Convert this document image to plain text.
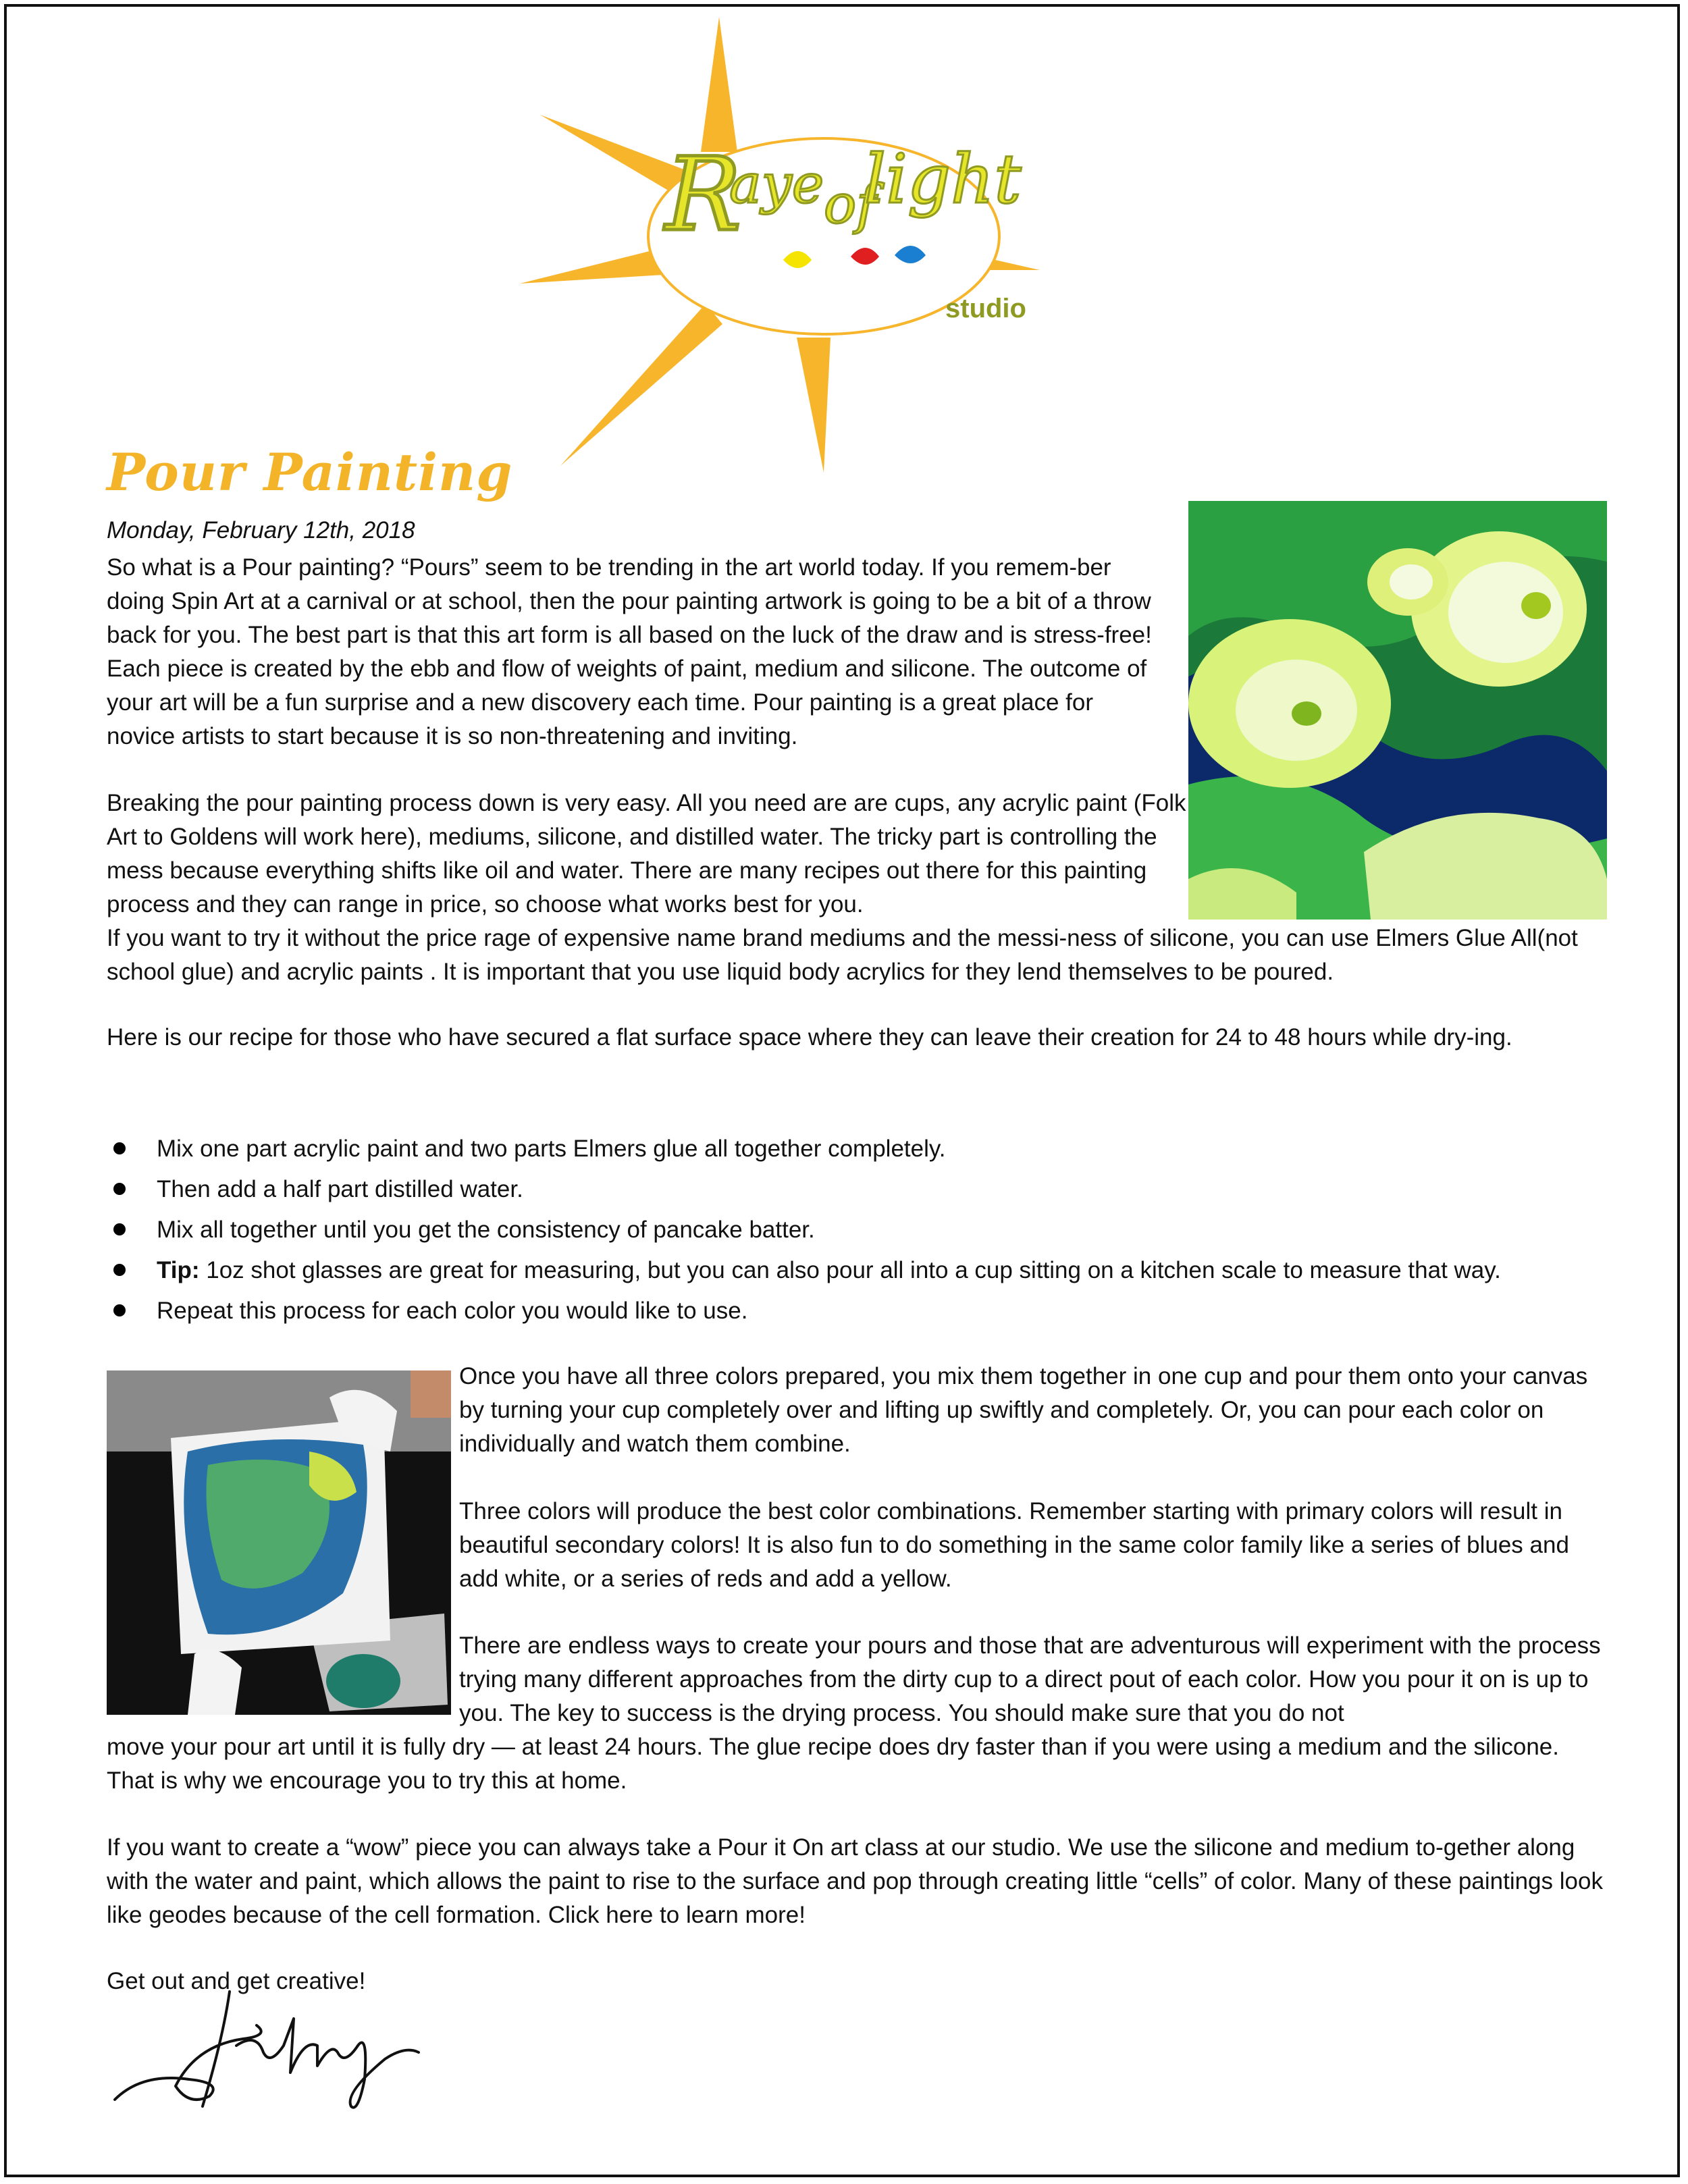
R
aye of
light
studio
Pour Painting
Monday, February 12th, 2018

So what is a Pour painting? “Pours” seem to be trending in the art world today. If you remem-ber doing Spin Art at a carnival or at school, then the pour painting artwork is going to be a bit of a throw back for you. The best part is that this art form is all based on the luck of the draw and is stress-free! Each piece is created by the ebb and flow of weights of paint, medium and silicone. The outcome of your art will be a fun surprise and a new discovery each time. Pour painting is a great place for novice artists to start because it is so non-threatening and inviting.

Breaking the pour painting process down is very easy. All you need are are cups, any acrylic paint (Folk Art to Goldens will work here), mediums, silicone, and distilled water. The tricky part is controlling the mess because everything shifts like oil and water. There are many recipes out there for this painting process and they can range in price, so choose what works best for you.
If you want to try it without the price rage of expensive name brand mediums and the messi-ness of silicone, you can use Elmers Glue All(not school glue) and acrylic paints . It is important that you use liquid body acrylics for they lend themselves to be poured.

Here is our recipe for those who have secured a flat surface space where they can leave their creation for 24 to 48 hours while dry-ing.

Mix one part acrylic paint and two parts Elmers glue all together completely.
Then add a half part distilled water.
Mix all together until you get the consistency of pancake batter.
Tip: 1oz shot glasses are great for measuring, but you can also pour all into a cup sitting on a kitchen scale to measure that way.
Repeat this process for each color you would like to use.

Once you have all three colors prepared, you mix them together in one cup and pour them onto your canvas by turning your cup completely over and lifting up swiftly and completely. Or, you can pour each color on individually and watch them combine.

Three colors will produce the best color combinations. Remember starting with primary colors will result in beautiful secondary colors! It is also fun to do something in the same color family like a series of blues and add white, or a series of reds and add a yellow.

There are endless ways to create your pours and those that are adventurous will experiment with the process trying many different approaches from the dirty cup to a direct pout of each color. How you pour it on is up to you. The key to success is the drying process. You should make sure that you do not

move your pour art until it is fully dry — at least 24 hours. The glue recipe does dry faster than if you were using a medium and the silicone. That is why we encourage you to try this at home.

If you want to create a “wow” piece you can always take a Pour it On art class at our studio. We use the silicone and medium to-gether along with the water and paint, which allows the paint to rise to the surface and pop through creating little “cells” of color. Many of these paintings look like geodes because of the cell formation. Click here to learn more!

Get out and get creative!
